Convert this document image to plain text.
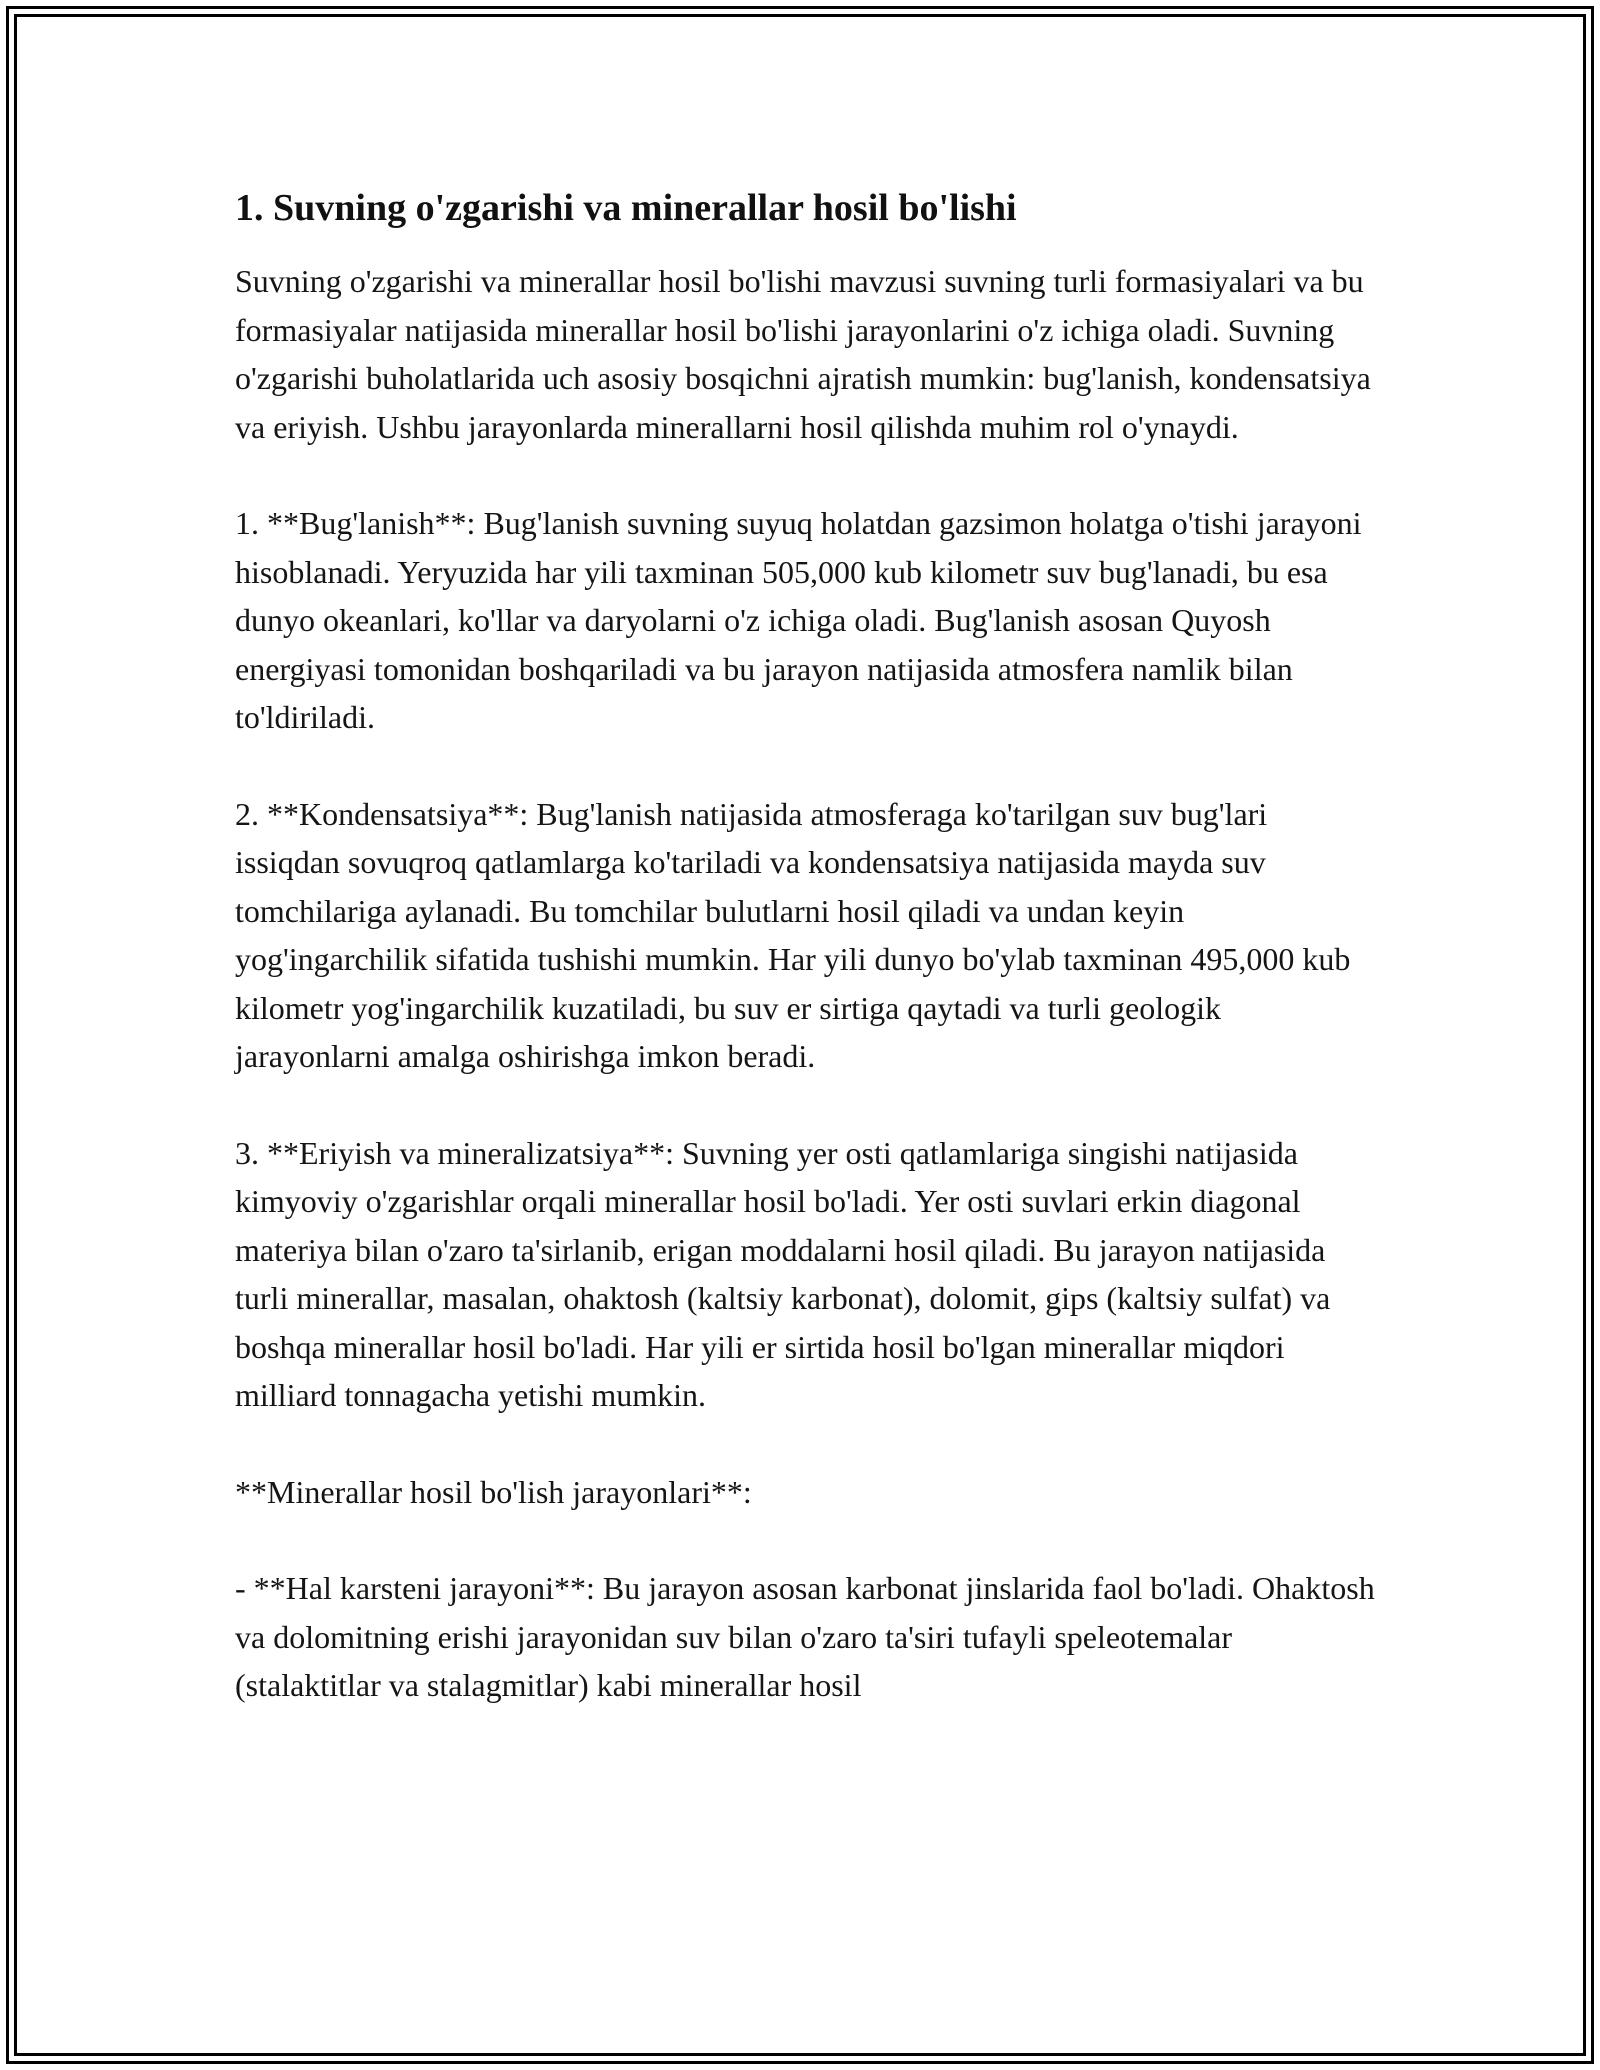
1. Suvning o'zgarishi va minerallar hosil bo'lishi

Suvning o'zgarishi va minerallar hosil bo'lishi mavzusi suvning turli formasiyalari va bu formasiyalar natijasida minerallar hosil bo'lishi jarayonlarini o'z ichiga oladi. Suvning o'zgarishi buholatlarida uch asosiy bosqichni ajratish mumkin: bug'lanish, kondensatsiya va eriyish. Ushbu jarayonlarda minerallarni hosil qilishda muhim rol o'ynaydi.

1. **Bug'lanish**: Bug'lanish suvning suyuq holatdan gazsimon holatga o'tishi jarayoni hisoblanadi. Yeryuzida har yili taxminan 505,000 kub kilometr suv bug'lanadi, bu esa dunyo okeanlari, ko'llar va daryolarni o'z ichiga oladi. Bug'lanish asosan Quyosh energiyasi tomonidan boshqariladi va bu jarayon natijasida atmosfera namlik bilan to'ldiriladi.

2. **Kondensatsiya**: Bug'lanish natijasida atmosferaga ko'tarilgan suv bug'lari issiqdan sovuqroq qatlamlarga ko'tariladi va kondensatsiya natijasida mayda suv tomchilariga aylanadi. Bu tomchilar bulutlarni hosil qiladi va undan keyin yog'ingarchilik sifatida tushishi mumkin. Har yili dunyo bo'ylab taxminan 495,000 kub kilometr yog'ingarchilik kuzatiladi, bu suv er sirtiga qaytadi va turli geologik jarayonlarni amalga oshirishga imkon beradi.

3. **Eriyish va mineralizatsiya**: Suvning yer osti qatlamlariga singishi natijasida kimyoviy o'zgarishlar orqali minerallar hosil bo'ladi. Yer osti suvlari erkin diagonal materiya bilan o'zaro ta'sirlanib, erigan moddalarni hosil qiladi. Bu jarayon natijasida turli minerallar, masalan, ohaktosh (kaltsiy karbonat), dolomit, gips (kaltsiy sulfat) va boshqa minerallar hosil bo'ladi. Har yili er sirtida hosil bo'lgan minerallar miqdori milliard tonnagacha yetishi mumkin.

**Minerallar hosil bo'lish jarayonlari**:

- **Hal karsteni jarayoni**: Bu jarayon asosan karbonat jinslarida faol bo'ladi. Ohaktosh va dolomitning erishi jarayonidan suv bilan o'zaro ta'siri tufayli speleotemalar (stalaktitlar va stalagmitlar) kabi minerallar hosil
